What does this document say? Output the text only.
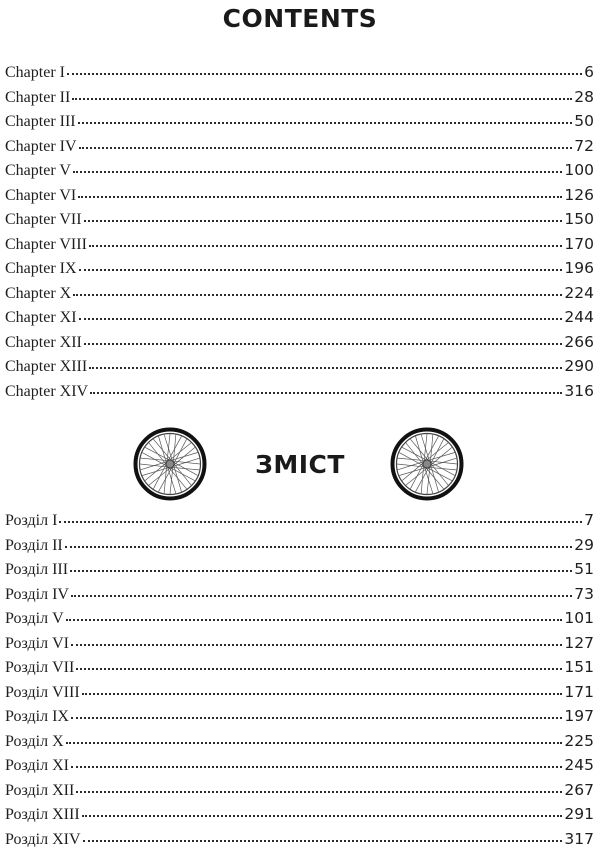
CONTENTS
Chapter I	6
Chapter II	28
Chapter III	50
Chapter IV	72
Chapter V	100
Chapter VI	126
Chapter VII	150
Chapter VIII	170
Chapter IX	196
Chapter X	224
Chapter XI	244
Chapter XII	266
Chapter XIII	290
Chapter XIV	316
ЗМІСТ
Розділ I	7
Розділ II	29
Розділ III	51
Розділ IV	73
Розділ V	101
Розділ VI	127
Розділ VII	151
Розділ VIII	171
Розділ IX	197
Розділ X	225
Розділ XI	245
Розділ XII	267
Розділ XIII	291
Розділ XIV	317
